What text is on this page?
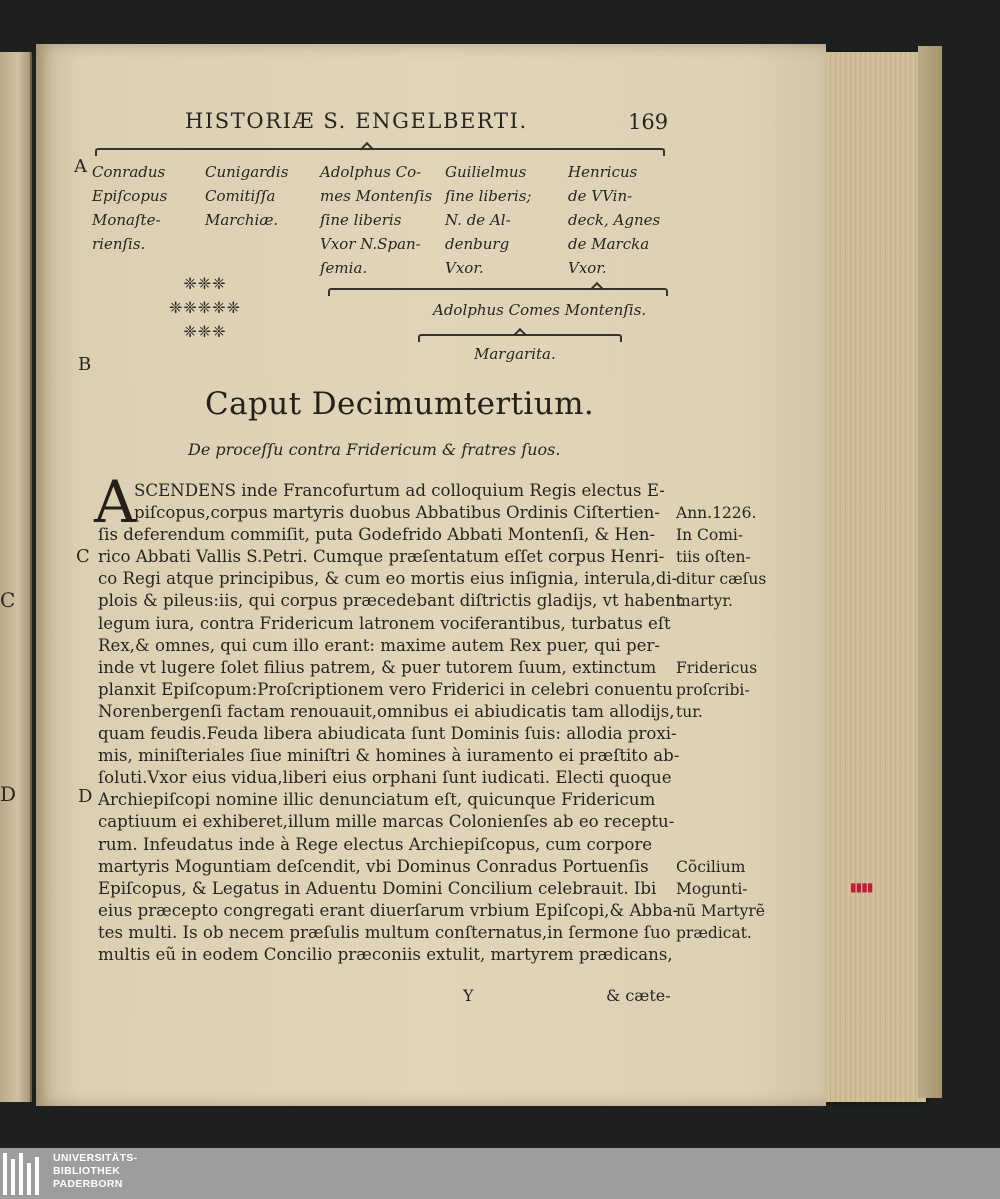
C
D
HISTORIÆ S. ENGELBERTI.	169
A
B
C
D
Conradus
Epiſcopus
Monaſte-
rienſis.
Cunigardis
Comitiſſa
Marchiæ.
Adolphus Co-
mes Montenſis
ſine liberis
Vxor N.Span-
ſemia.
Guilielmus
ſine liberis;
N. de Al-
denburg
Vxor.
Henricus
de VVin-
deck, Agnes
de Marcka
Vxor.
Adolphus Comes Montenſis.
Margarita.
❈❈❈
❈❈❈❈❈
❈❈❈
Caput Decimumtertium.
De proceſſu contra Fridericum & fratres ſuos.
A
SCENDENS inde Francofurtum ad colloquium Regis electus E-
piſcopus,corpus martyris duobus Abbatibus Ordinis Ciſtertien-
ſis deferendum commiſit, puta Godefrido Abbati Montenſi, & Hen-
rico Abbati Vallis S.Petri. Cumque præſentatum eſſet corpus Henri-
co Regi atque principibus, & cum eo mortis eius inſignia, interula,di-
plois & pileus:iis, qui corpus præcedebant diſtrictis gladijs, vt habent
legum iura, contra Fridericum latronem vociferantibus, turbatus eſt
Rex,& omnes, qui cum illo erant: maxime autem Rex puer, qui per-
inde vt lugere ſolet filius patrem, & puer tutorem ſuum, extinctum
planxit Epiſcopum:Proſcriptionem vero Friderici in celebri conuentu
Norenbergenſi factam renouauit,omnibus ei abiudicatis tam allodijs,
quam feudis.Feuda libera abiudicata ſunt Dominis ſuis: allodia proxi-
mis, miniſteriales ſiue miniſtri & homines à iuramento ei præſtito ab-
ſoluti.Vxor eius vidua,liberi eius orphani ſunt iudicati. Electi quoque
Archiepiſcopi nomine illic denunciatum eſt, quicunque Fridericum
captiuum ei exhiberet,illum mille marcas Colonienſes ab eo receptu-
rum. Infeudatus inde à Rege electus Archiepiſcopus, cum corpore
martyris Moguntiam deſcendit, vbi Dominus Conradus Portuenſis
Epiſcopus, & Legatus in Aduentu Domini Concilium celebrauit. Ibi
eius præcepto congregati erant diuerſarum vrbium Epiſcopi,& Abba-
tes multi. Is ob necem præſulis multum conſternatus,in ſermone ſuo
multis eũ in eodem Concilio præconiis extulit, martyrem prædicans,
Ann.1226.
In Comi-
tiis oſten-
ditur cæſus
martyr.
Fridericus
proſcribi-
tur.
Cõcilium
Mogunti-
nũ Martyrẽ
prædicat.
Y	& cæte-
▮▮▮▮
UNIVERSITÄTS-
BIBLIOTHEK
PADERBORN
